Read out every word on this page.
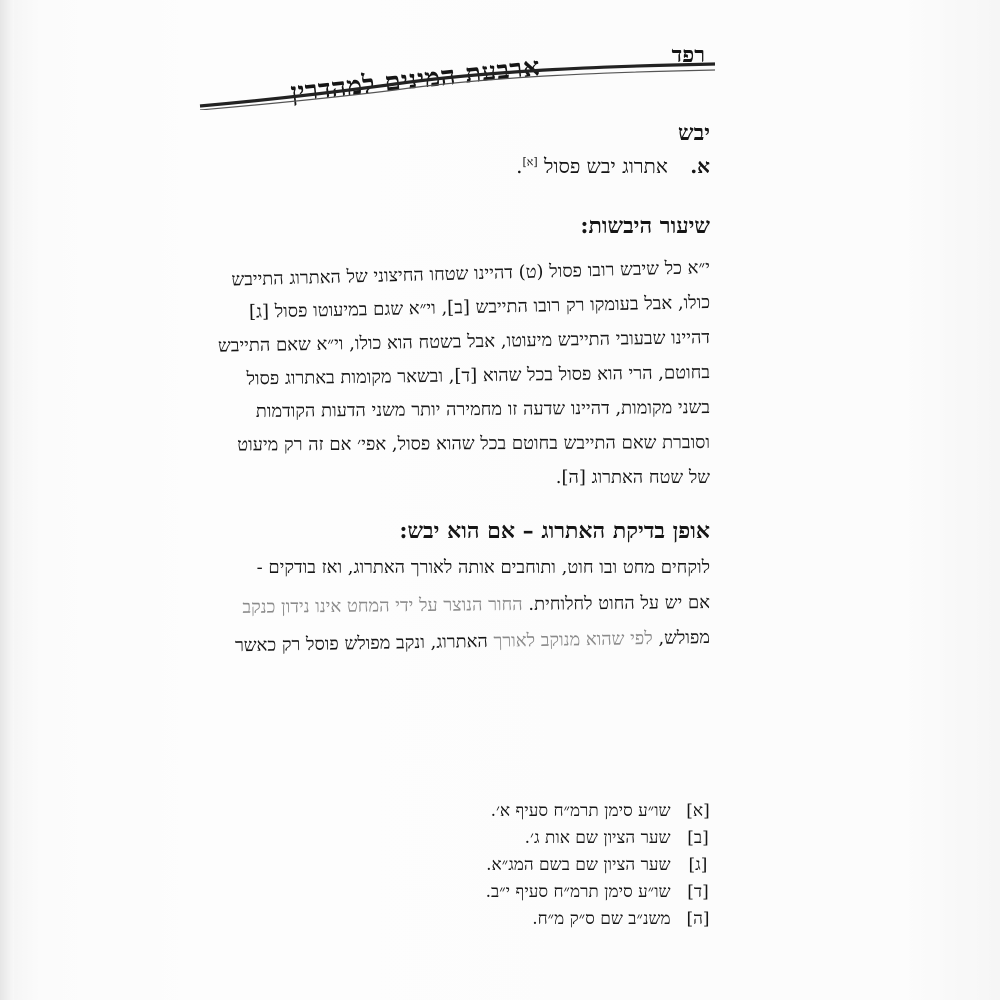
רפד
ארבעת המינים למהדרין
יבש
א. אתרוג יבש פסול [א].
שיעור היבשות:
י״א כל שיבש רובו פסול (ט) דהיינו שטחו החיצוני של האתרוג התייבש
כולו, אבל בעומקו רק רובו התייבש [ב], וי״א שגם במיעוטו פסול [ג]
דהיינו שבעובי התייבש מיעוטו, אבל בשטח הוא כולו, וי״א שאם התייבש
בחוטם, הרי הוא פסול בכל שהוא [ד], ובשאר מקומות באתרוג פסול
בשני מקומות, דהיינו שדעה זו מחמירה יותר משני הדעות הקודמות
וסוברת שאם התייבש בחוטם בכל שהוא פסול, אפי׳ אם זה רק מיעוט
של שטח האתרוג [ה].
אופן בדיקת האתרוג – אם הוא יבש:
לוקחים מחט ובו חוט, ותוחבים אותה לאורך האתרוג, ואז בודקים -
אם יש על החוט לחלוחית. החור הנוצר על ידי המחט אינו נידון כנקב
מפולש, לפי שהוא מנוקב לאורך האתרוג, ונקב מפולש פוסל רק כאשר
[א] שו״ע סימן תרמ״ח סעיף א׳.
[ב] שער הציון שם אות ג׳.
[ג] שער הציון שם בשם המג״א.
[ד] שו״ע סימן תרמ״ח סעיף י״ב.
[ה] משנ״ב שם ס״ק מ״ח.
